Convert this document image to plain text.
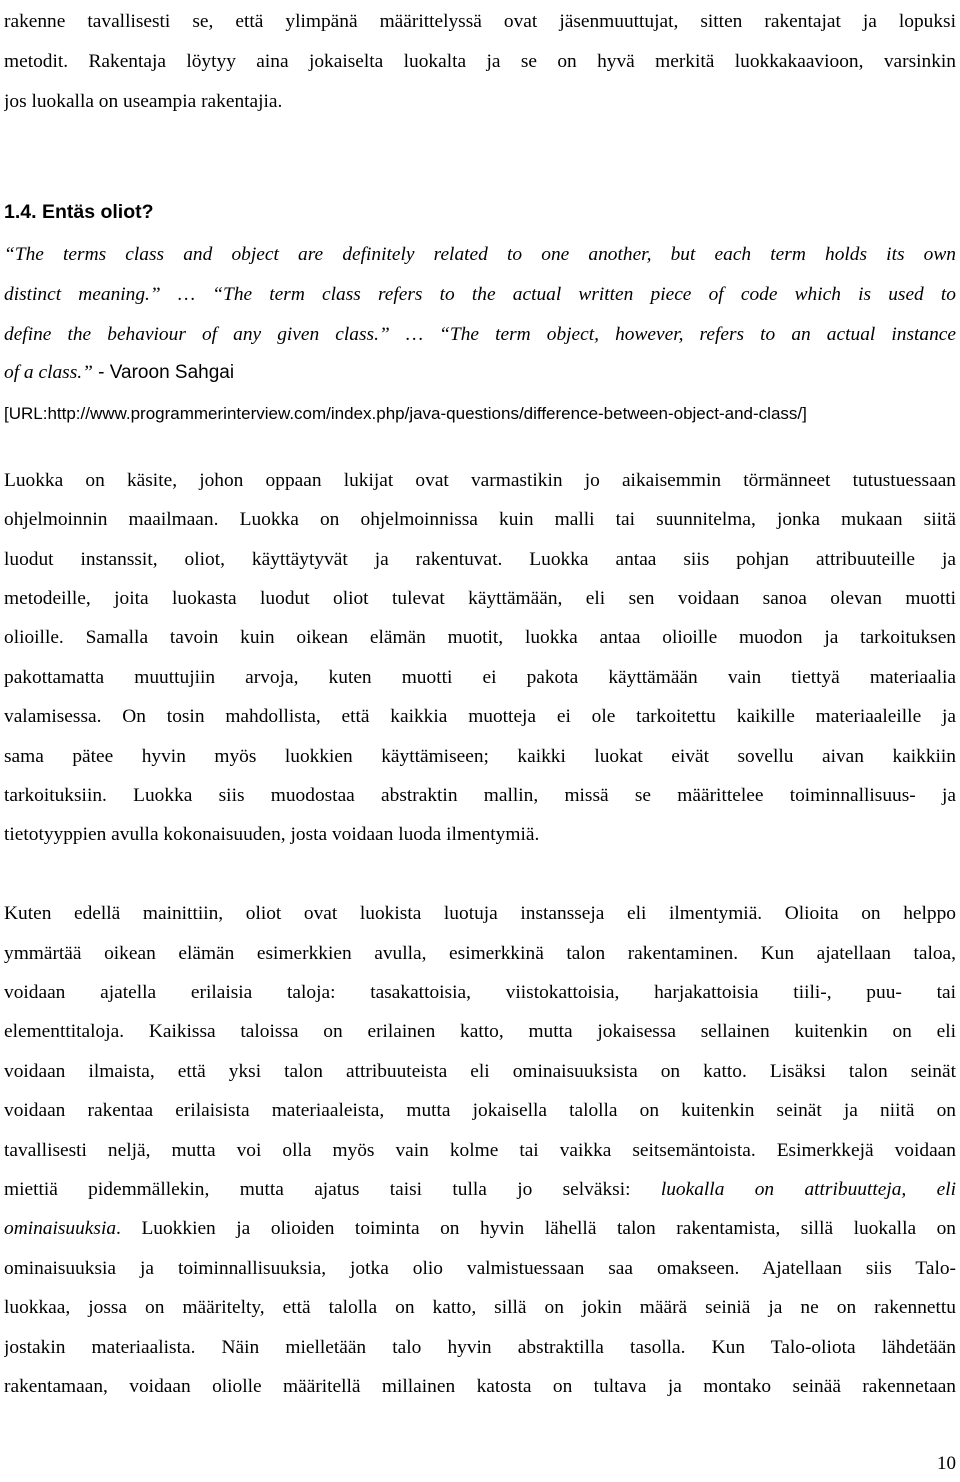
rakenne tavallisesti se, että ylimpänä määrittelyssä ovat jäsenmuuttujat, sitten rakentajat ja lopuksi
metodit. Rakentaja löytyy aina jokaiselta luokalta ja se on hyvä merkitä luokkakaavioon, varsinkin
jos luokalla on useampia rakentajia.
1.4. Entäs oliot?
“The terms class and object are definitely related to one another, but each term holds its own
distinct meaning.” … “The term class refers to the actual written piece of code which is used to
define the behaviour of any given class.” … “The term object, however, refers to an actual instance
of a class.” - Varoon Sahgai
[URL:http://www.programmerinterview.com/index.php/java-questions/difference-between-object-and-class/]
Luokka on käsite, johon oppaan lukijat ovat varmastikin jo aikaisemmin törmänneet tutustuessaan
ohjelmoinnin maailmaan. Luokka on ohjelmoinnissa kuin malli tai suunnitelma, jonka mukaan siitä
luodut instanssit, oliot, käyttäytyvät ja rakentuvat. Luokka antaa siis pohjan attribuuteille ja
metodeille, joita luokasta luodut oliot tulevat käyttämään, eli sen voidaan sanoa olevan muotti
olioille. Samalla tavoin kuin oikean elämän muotit, luokka antaa olioille muodon ja tarkoituksen
pakottamatta muuttujiin arvoja, kuten muotti ei pakota käyttämään vain tiettyä materiaalia
valamisessa. On tosin mahdollista, että kaikkia muotteja ei ole tarkoitettu kaikille materiaaleille ja
sama pätee hyvin myös luokkien käyttämiseen; kaikki luokat eivät sovellu aivan kaikkiin
tarkoituksiin. Luokka siis muodostaa abstraktin mallin, missä se määrittelee toiminnallisuus- ja
tietotyyppien avulla kokonaisuuden, josta voidaan luoda ilmentymiä.
Kuten edellä mainittiin, oliot ovat luokista luotuja instansseja eli ilmentymiä. Olioita on helppo
ymmärtää oikean elämän esimerkkien avulla, esimerkkinä talon rakentaminen. Kun ajatellaan taloa,
voidaan ajatella erilaisia taloja: tasakattoisia, viistokattoisia, harjakattoisia tiili-, puu- tai
elementtitaloja. Kaikissa taloissa on erilainen katto, mutta jokaisessa sellainen kuitenkin on eli
voidaan ilmaista, että yksi talon attribuuteista eli ominaisuuksista on katto. Lisäksi talon seinät
voidaan rakentaa erilaisista materiaaleista, mutta jokaisella talolla on kuitenkin seinät ja niitä on
tavallisesti neljä, mutta voi olla myös vain kolme tai vaikka seitsemäntoista. Esimerkkejä voidaan
miettiä pidemmällekin, mutta ajatus taisi tulla jo selväksi: luokalla on attribuutteja, eli
ominaisuuksia. Luokkien ja olioiden toiminta on hyvin lähellä talon rakentamista, sillä luokalla on
ominaisuuksia ja toiminnallisuuksia, jotka olio valmistuessaan saa omakseen. Ajatellaan siis Talo-
luokkaa, jossa on määritelty, että talolla on katto, sillä on jokin määrä seiniä ja ne on rakennettu
jostakin materiaalista. Näin mielletään talo hyvin abstraktilla tasolla. Kun Talo-oliota lähdetään
rakentamaan, voidaan oliolle määritellä millainen katosta on tultava ja montako seinää rakennetaan
10
